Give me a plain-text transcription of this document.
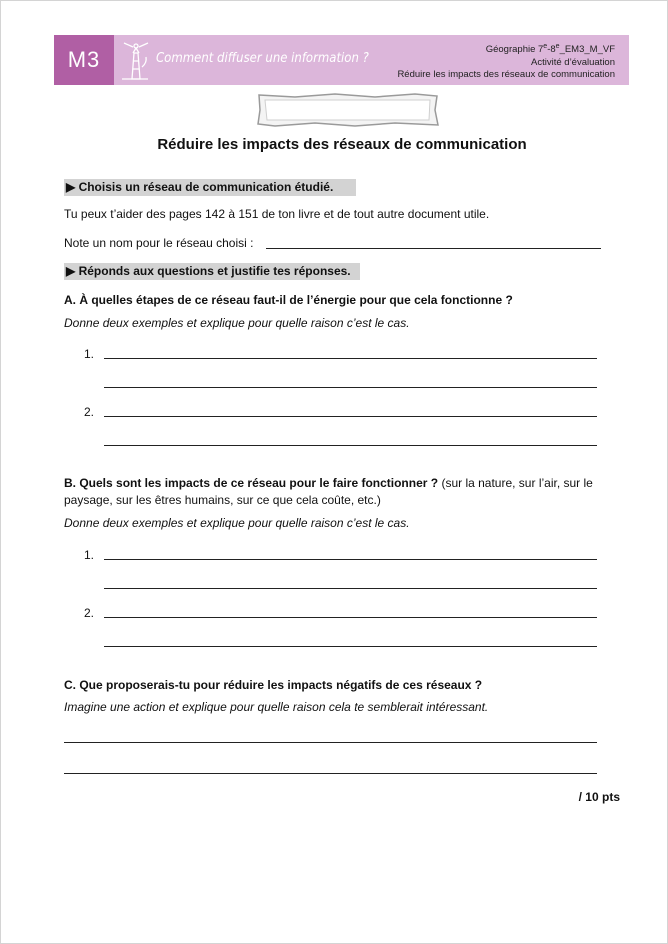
M3	Comment diffuser une information ?
Géographie 7e-8e_EM3_M_VF
Activité d’évaluation
Réduire les impacts des réseaux de communication
Réduire les impacts des réseaux de communication
▶ Choisis un réseau de communication étudié.
Tu peux t’aider des pages 142 à 151 de ton livre et de tout autre document utile.
Note un nom pour le réseau choisi :
▶ Réponds aux questions et justifie tes réponses.
A. À quelles étapes de ce réseau faut-il de l’énergie pour que cela fonctionne ?
Donne deux exemples et explique pour quelle raison c’est le cas.
1.
2.
B. Quels sont les impacts de ce réseau pour le faire fonctionner ? (sur la nature, sur l’air, sur le paysage, sur les êtres humains, sur ce que cela coûte, etc.)
Donne deux exemples et explique pour quelle raison c’est le cas.
1.
2.
C. Que proposerais-tu pour réduire les impacts négatifs de ces réseaux ?
Imagine une action et explique pour quelle raison cela te semblerait intéressant.
/ 10 pts
